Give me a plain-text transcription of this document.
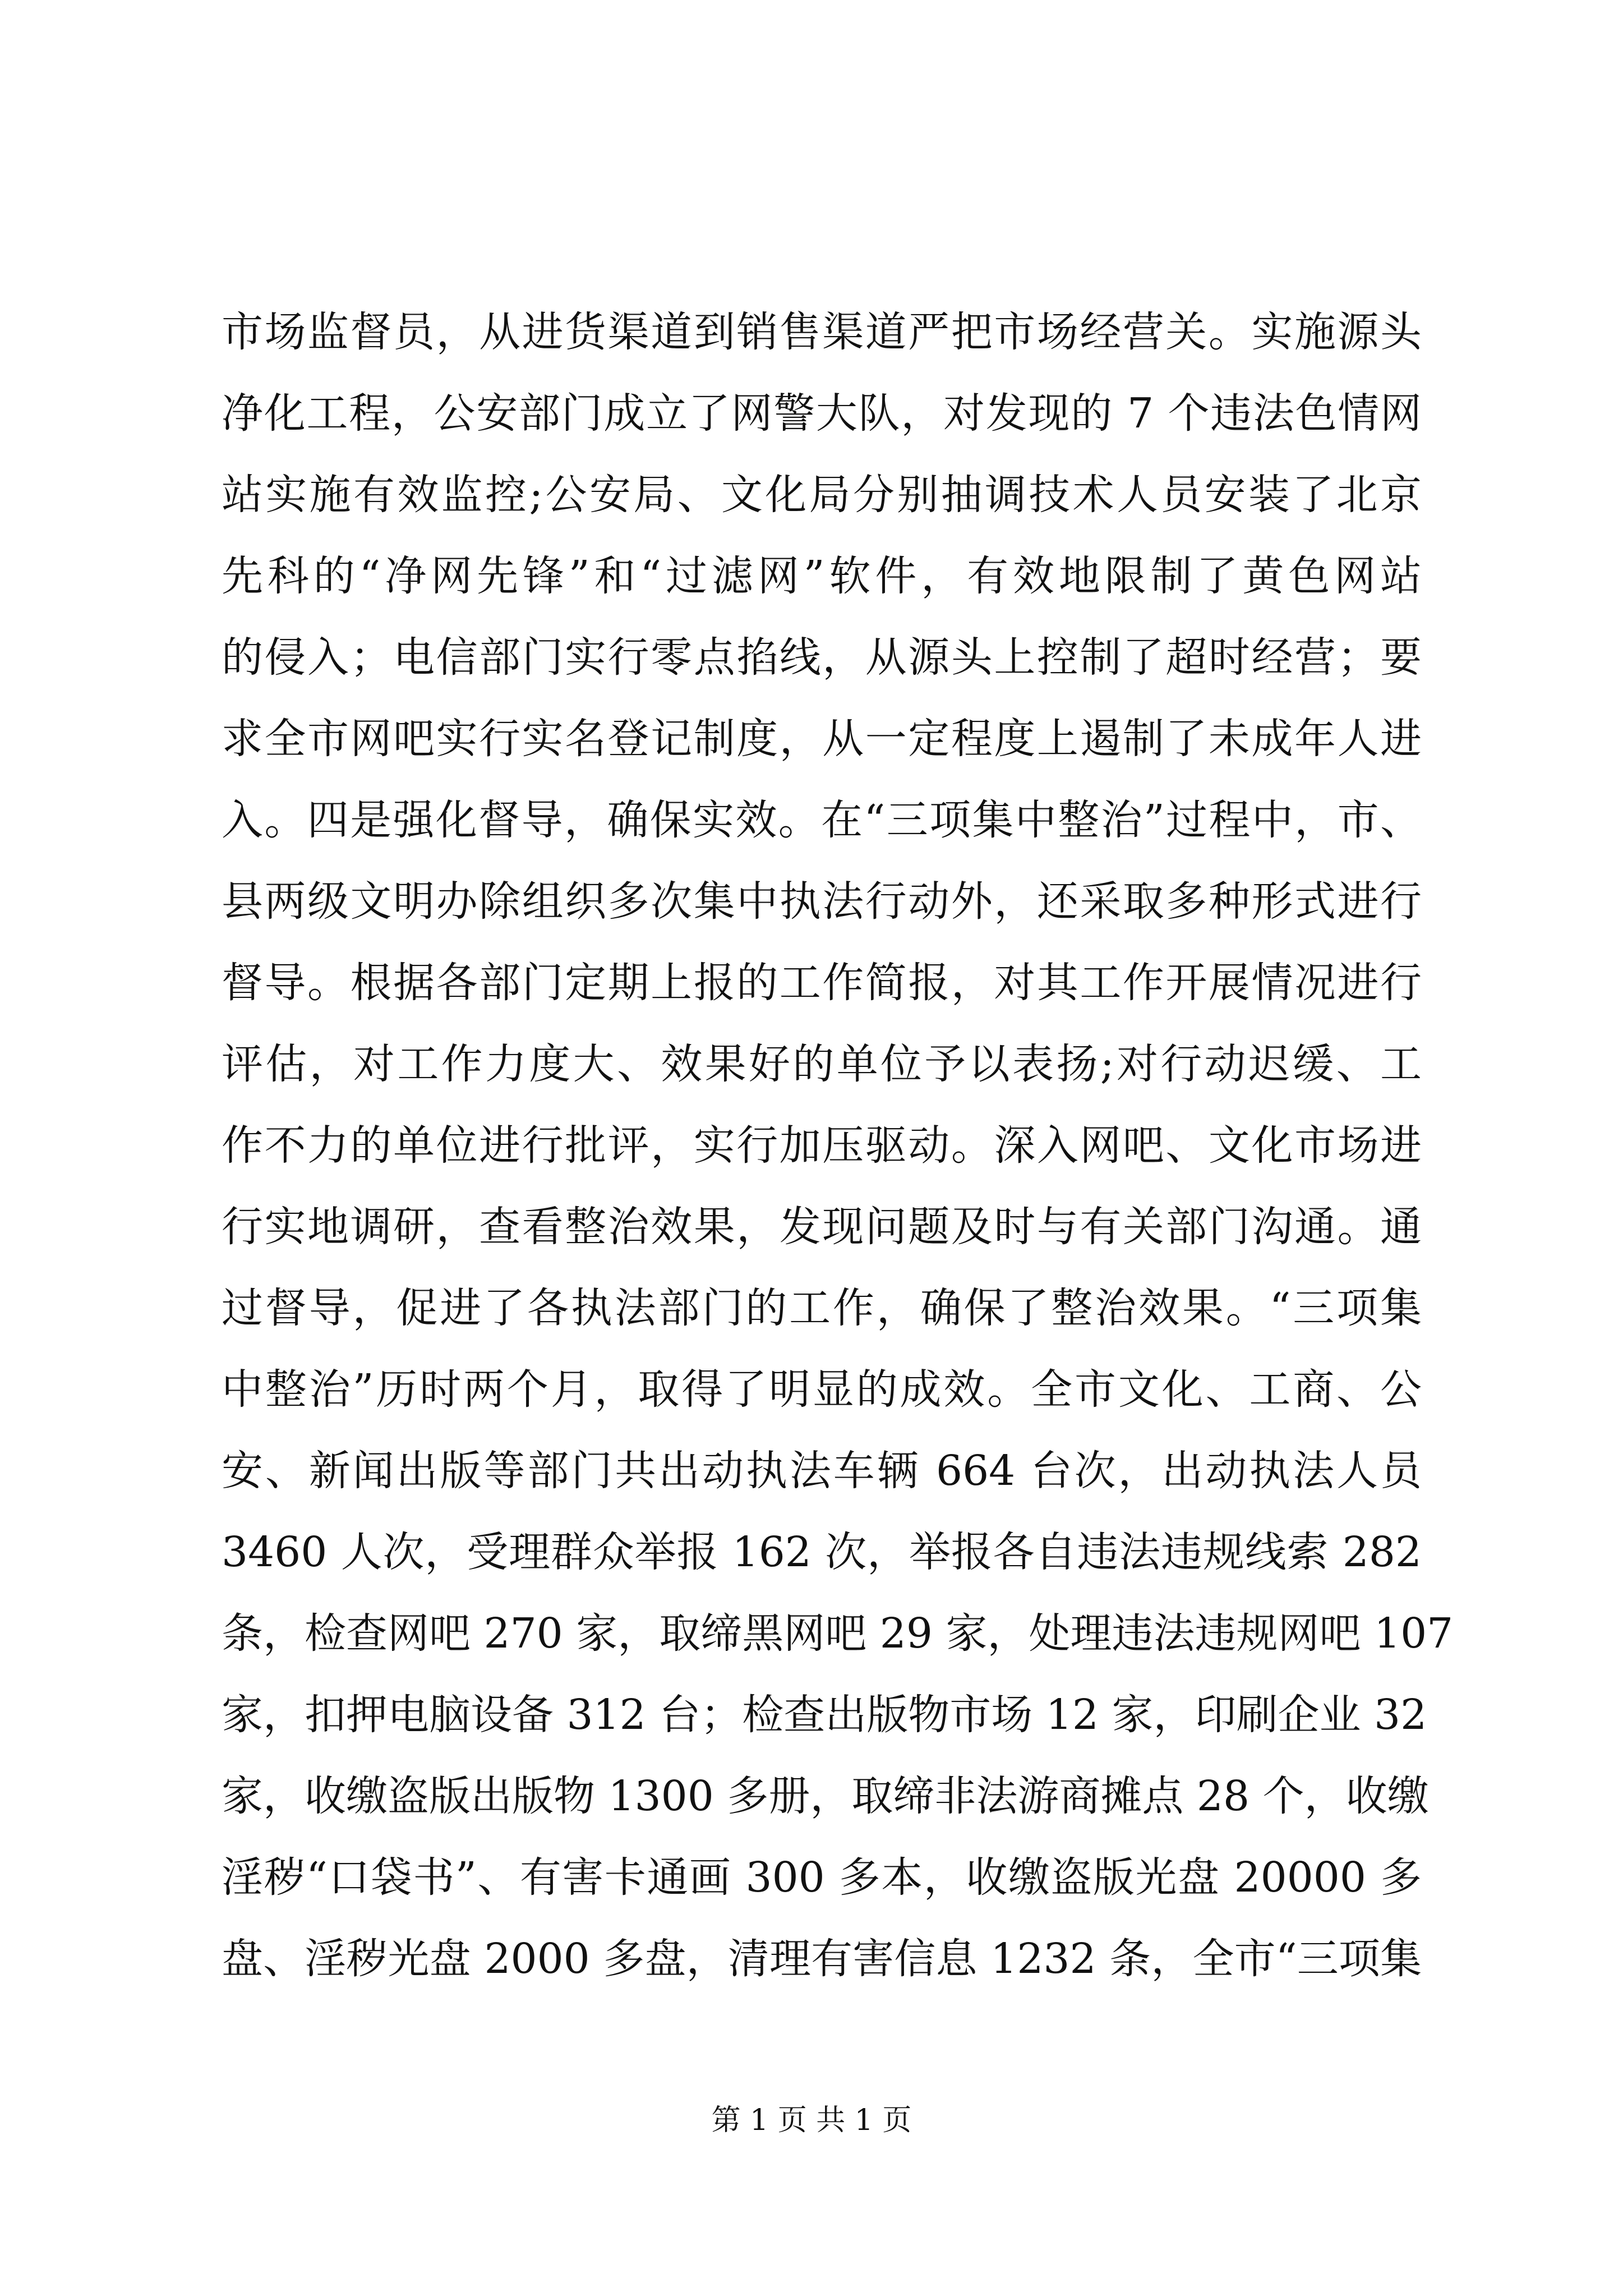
市场监督员，从进货渠道到销售渠道严把市场经营关。实施源头
净化工程，公安部门成立了网警大队，对发现的 7 个违法色情网
站实施有效监控;公安局、文化局分别抽调技术人员安装了北京
先科的“净网先锋”和“过滤网”软件，有效地限制了黄色网站
的侵入；电信部门实行零点掐线，从源头上控制了超时经营；要
求全市网吧实行实名登记制度，从一定程度上遏制了未成年人进
入。四是强化督导，确保实效。在“三项集中整治”过程中，市、
县两级文明办除组织多次集中执法行动外，还采取多种形式进行
督导。根据各部门定期上报的工作简报，对其工作开展情况进行
评估，对工作力度大、效果好的单位予以表扬;对行动迟缓、工
作不力的单位进行批评，实行加压驱动。深入网吧、文化市场进
行实地调研，查看整治效果，发现问题及时与有关部门沟通。通
过督导，促进了各执法部门的工作，确保了整治效果。“三项集
中整治”历时两个月，取得了明显的成效。全市文化、工商、公
安、新闻出版等部门共出动执法车辆 664 台次，出动执法人员
3460 人次，受理群众举报 162 次，举报各自违法违规线索 282
条，检查网吧 270 家，取缔黑网吧 29 家，处理违法违规网吧 107
家，扣押电脑设备 312 台；检查出版物市场 12 家，印刷企业 32
家，收缴盗版出版物 1300 多册，取缔非法游商摊点 28 个，收缴
淫秽“口袋书”、有害卡通画 300 多本，收缴盗版光盘 20000 多
盘、淫秽光盘 2000 多盘，清理有害信息 1232 条，全市“三项集
第 1 页 共 1 页
